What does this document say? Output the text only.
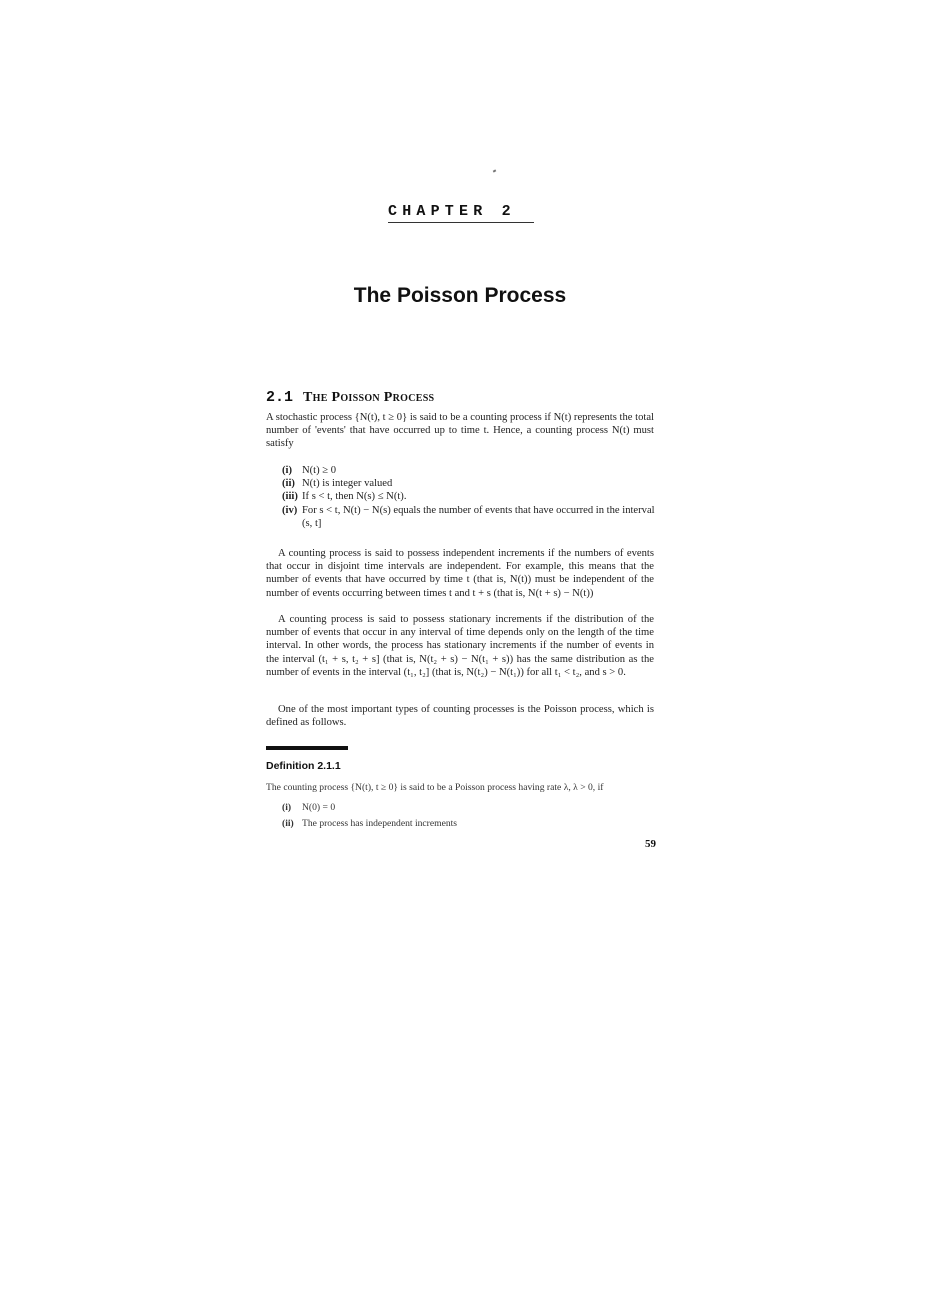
CHAPTER 2
The Poisson Process
2.1 The Poisson Process
A stochastic process {N(t), t ≥ 0} is said to be a counting process if N(t) represents the total number of 'events' that have occurred up to time t. Hence, a counting process N(t) must satisfy
(i) N(t) ≥ 0
(ii) N(t) is integer valued
(iii) If s < t, then N(s) ≤ N(t).
(iv) For s < t, N(t) − N(s) equals the number of events that have occurred in the interval (s, t]
A counting process is said to possess independent increments if the numbers of events that occur in disjoint time intervals are independent. For example, this means that the number of events that have occurred by time t (that is, N(t)) must be independent of the number of events occurring between times t and t + s (that is, N(t + s) − N(t))
A counting process is said to possess stationary increments if the distribution of the number of events that occur in any interval of time depends only on the length of the time interval. In other words, the process has stationary increments if the number of events in the interval (t₁ + s, t₂ + s] (that is, N(t₂ + s) − N(t₁ + s)) has the same distribution as the number of events in the interval (t₁, t₂] (that is, N(t₂) − N(t₁)) for all t₁ < t₂, and s > 0.
One of the most important types of counting processes is the Poisson process, which is defined as follows.
Definition 2.1.1
The counting process {N(t), t ≥ 0} is said to be a Poisson process having rate λ, λ > 0, if
(i)	N(0) = 0
(ii) The process has independent increments
59
